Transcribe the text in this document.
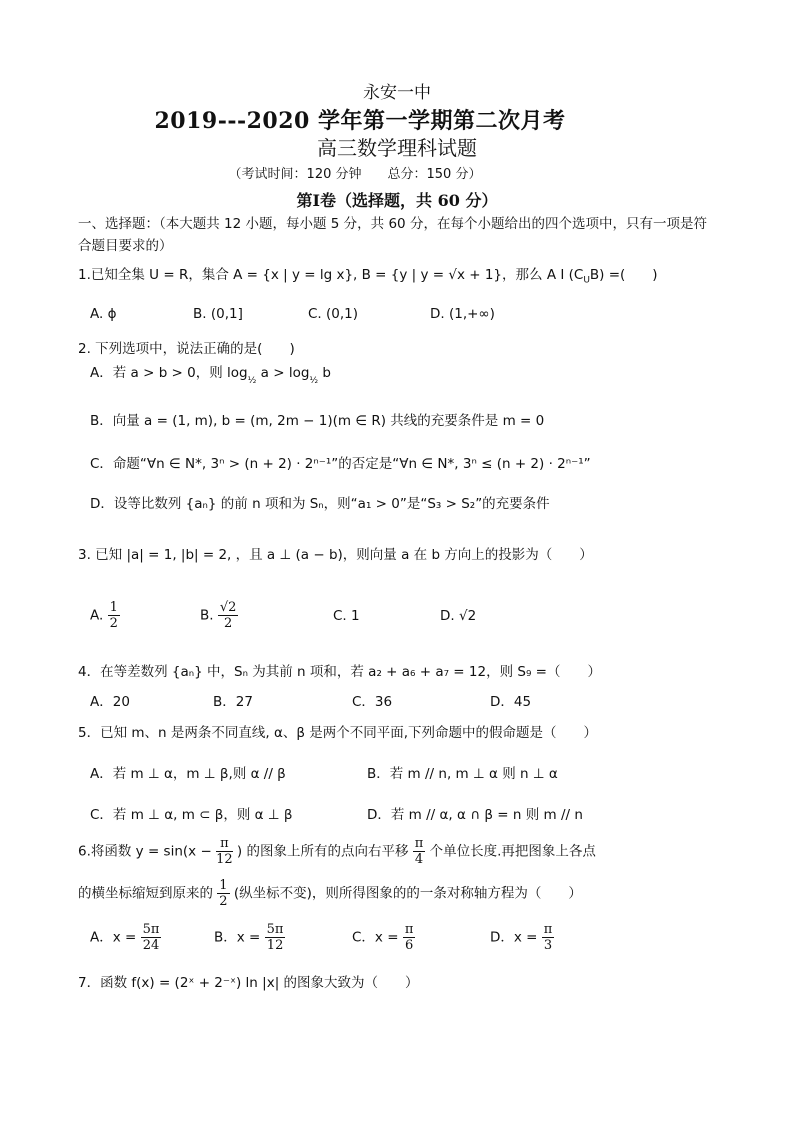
永安一中
2019---2020 学年第一学期第二次月考
高三数学理科试题
（考试时间：120 分钟　　总分：150 分）
第Ⅰ卷（选择题，共 60 分）
一、选择题：（本大题共 12 小题，每小题 5 分，共 60 分，在每个小题给出的四个选项中，只有一项是符
合题目要求的）
1.已知全集 U = R，集合 A = {x | y = lg x}, B = {y | y = √x + 1}，那么 A I $(C_UB)$ =(　　)
A. ϕ	B. (0,1]	C. (0,1)	D. (1,+∞)
2. 下列选项中，说法正确的是(　　)
A．若 a > b > 0，则 $\log_{\frac{1}{2}} a > \log_{\frac{1}{2}} b$
B．向量 a = (1, m), b = (m, 2m − 1)(m ∈ R) 共线的充要条件是 m = 0
C．命题“∀n ∈ N*, 3ⁿ > (n + 2) · 2ⁿ⁻¹”的否定是“∀n ∈ N*, 3ⁿ ≤ (n + 2) · 2ⁿ⁻¹”
D．设等比数列 {aₙ} 的前 n 项和为 Sₙ，则“a₁ > 0”是“S₃ > S₂”的充要条件
3. 已知 |a| = 1, |b| = 2, ，且 a ⊥ (a − b)，则向量 a 在 b 方向上的投影为（　　）
A. $\frac{1}{2}$	B. $\frac{√2}{2}$	C. 1	D. √2
4．在等差数列 {aₙ} 中，Sₙ 为其前 n 项和，若 a₂ + a₆ + a₇ = 12，则 S₉ =（　　）
A．20	B．27	C．36	D．45
5．已知 m、n 是两条不同直线, α、β 是两个不同平面,下列命题中的假命题是（　　）
A．若 m ⊥ α，m ⊥ β,则 α // β	B．若 m // n, m ⊥ α 则 n ⊥ α
C．若 m ⊥ α, m ⊂ β，则 α ⊥ β	D．若 m // α, α ∩ β = n 则 m // n
6.将函数 $y = \sin(x - \frac{\pi}{12}$ ) 的图象上所有的点向右平移 $\frac{\pi}{4}$ 个单位长度.再把图象上各点
的横坐标缩短到原来的 $\frac{1}{2}$ (纵坐标不变)，则所得图象的的一条对称轴方程为（　　）
A．$x = \frac{5\pi}{24}$	B．$x = \frac{5\pi}{12}$	C．$x = \frac{\pi}{6}$	D．$x = \frac{\pi}{3}$
7．函数 f(x) = (2ˣ + 2⁻ˣ) ln |x| 的图象大致为（　　）
